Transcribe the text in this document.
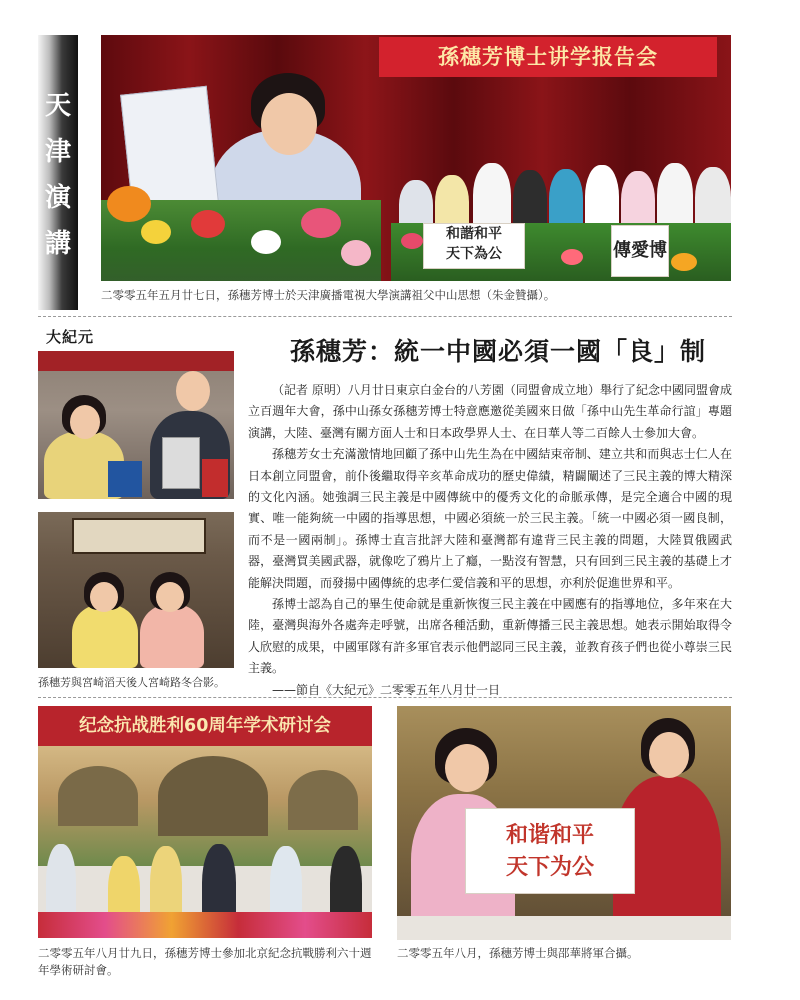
天
津
演
講
孫穗芳博士讲学报告会
和諧和平
天下為公	傳愛博
二零零五年五月廿七日，孫穗芳博士於天津廣播電視大學演講祖父中山思想（朱金贊攝）。
大紀元	孫穗芳：統一中國必須一國「良」制
孫穗芳與宮崎滔天後人宮崎路冬合影。

（記者 原明）八月廿日東京白金台的八芳園（同盟會成立地）舉行了紀念中國同盟會成立百週年大會，孫中山孫女孫穗芳博士特意應邀從美國來日做「孫中山先生革命行誼」專題演講，大陸、臺灣有關方面人士和日本政學界人士、在日華人等二百餘人士參加大會。

孫穗芳女士充滿激情地回顧了孫中山先生為在中國結束帝制、建立共和而與志士仁人在日本創立同盟會，前仆後繼取得辛亥革命成功的歷史偉績，精闢闡述了三民主義的博大精深的文化內涵。她強調三民主義是中國傳統中的優秀文化的命脈承傳，是完全適合中國的現實、唯一能夠統一中國的指導思想，中國必須統一於三民主義。「統一中國必須一國良制，而不是一國兩制」。孫博士直言批評大陸和臺灣都有違背三民主義的問題，大陸買俄國武器，臺灣買美國武器，就像吃了鴉片上了癮，一點沒有智慧，只有回到三民主義的基礎上才能解決問題，而發揚中國傳統的忠孝仁愛信義和平的思想，亦利於促進世界和平。

孫博士認為自己的畢生使命就是重新恢復三民主義在中國應有的指導地位，多年來在大陸，臺灣與海外各處奔走呼號，出席各種活動，重新傳播三民主義思想。她表示開始取得令人欣慰的成果，中國軍隊有許多軍官表示他們認同三民主義，並教育孩子們也從小尊崇三民主義。

——節自《大紀元》二零零五年八月廿一日

纪念抗战胜利60周年学术研讨会
二零零五年八月廿九日，孫穗芳博士參加北京紀念抗戰勝利六十週年學術研討會。
和谐和平
天下为公
二零零五年八月，孫穗芳博士與邵華將軍合攝。
